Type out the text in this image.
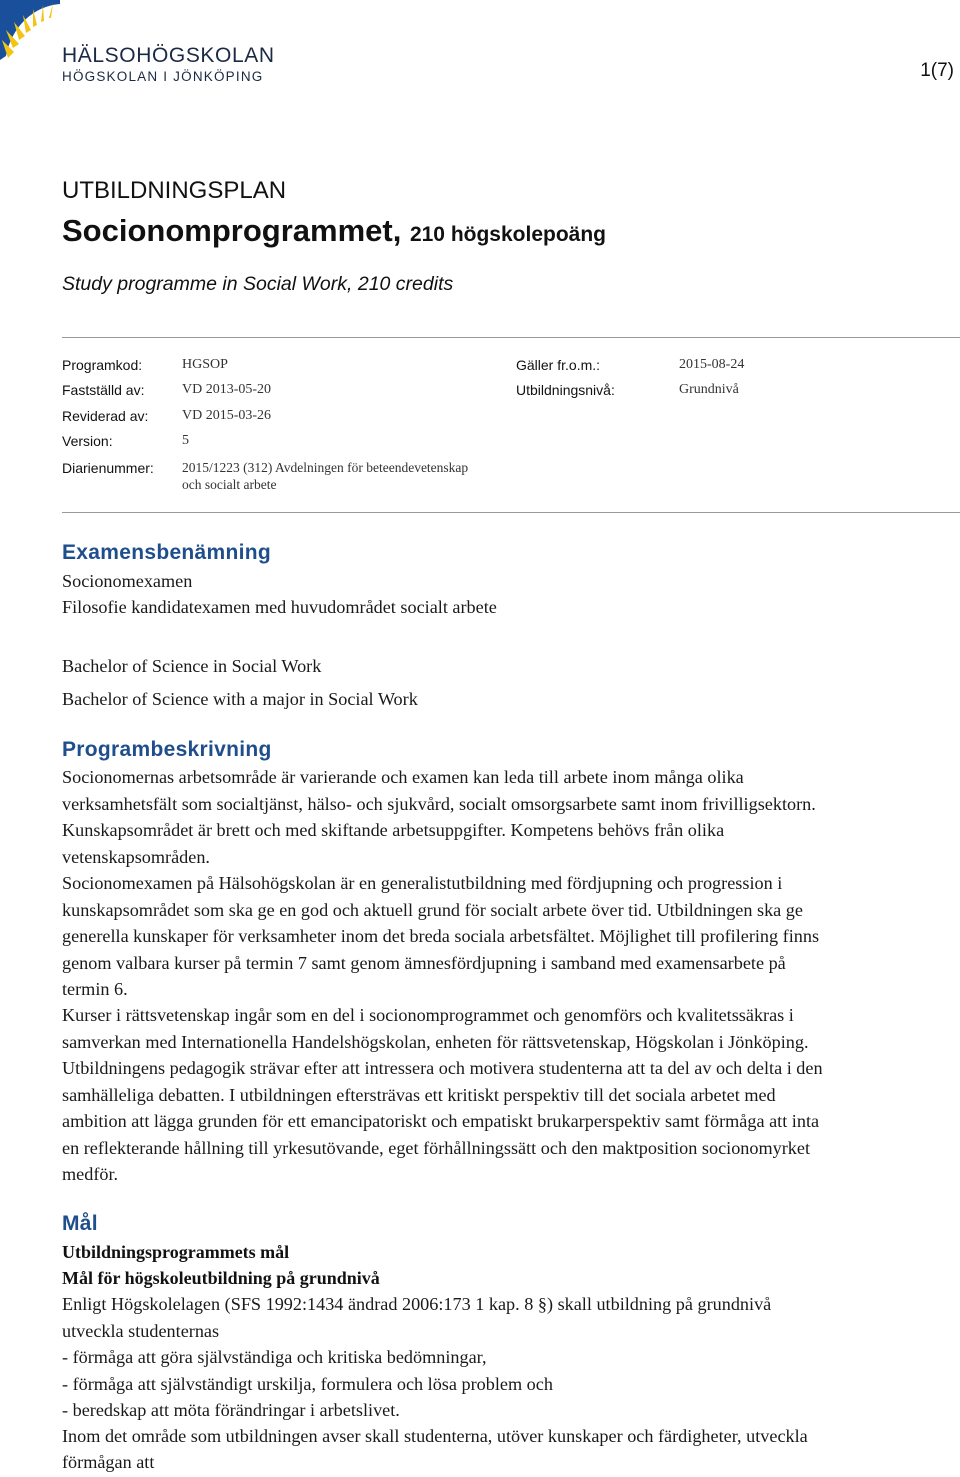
HÄLSOHÖGSKOLAN
HÖGSKOLAN I JÖNKÖPING	1(7)
UTBILDNINGSPLAN
Socionomprogrammet, 210 högskolepoäng
Study programme in Social Work, 210 credits
Programkod:	HGSOP
Fastställd av:	VD 2013-05-20
Reviderad av: VD 2015-03-26
Version:	5
Diarienummer: 2015/1223 (312) Avdelningen för beteendevetenskap
och socialt arbete
Gäller fr.o.m.:	2015-08-24
Utbildningsnivå:	Grundnivå
Examensbenämning
Socionomexamen
Filosofie kandidatexamen med huvudområdet socialt arbete
Bachelor of Science in Social Work
Bachelor of Science with a major in Social Work
Programbeskrivning
Socionomernas arbetsområde är varierande och examen kan leda till arbete inom många olika
verksamhetsfält som socialtjänst, hälso- och sjukvård, socialt omsorgsarbete samt inom frivilligsektorn.
Kunskapsområdet är brett och med skiftande arbetsuppgifter. Kompetens behövs från olika
vetenskapsområden.
Socionomexamen på Hälsohögskolan är en generalistutbildning med fördjupning och progression i
kunskapsområdet som ska ge en god och aktuell grund för socialt arbete över tid. Utbildningen ska ge
generella kunskaper för verksamheter inom det breda sociala arbetsfältet. Möjlighet till profilering finns
genom valbara kurser på termin 7 samt genom ämnesfördjupning i samband med examensarbete på
termin 6.
Kurser i rättsvetenskap ingår som en del i socionomprogrammet och genomförs och kvalitetssäkras i
samverkan med Internationella Handelshögskolan, enheten för rättsvetenskap, Högskolan i Jönköping.
Utbildningens pedagogik strävar efter att intressera och motivera studenterna att ta del av och delta i den
samhälleliga debatten. I utbildningen eftersträvas ett kritiskt perspektiv till det sociala arbetet med
ambition att lägga grunden för ett emancipatoriskt och empatiskt brukarperspektiv samt förmåga att inta
en reflekterande hållning till yrkesutövande, eget förhållningssätt och den maktposition socionomyrket
medför.
Mål
Utbildningsprogrammets mål
Mål för högskoleutbildning på grundnivå
Enligt Högskolelagen (SFS 1992:1434 ändrad 2006:173 1 kap. 8 §) skall utbildning på grundnivå
utveckla studenternas
- förmåga att göra självständiga och kritiska bedömningar,
- förmåga att självständigt urskilja, formulera och lösa problem och
- beredskap att möta förändringar i arbetslivet.
Inom det område som utbildningen avser skall studenterna, utöver kunskaper och färdigheter, utveckla
förmågan att
